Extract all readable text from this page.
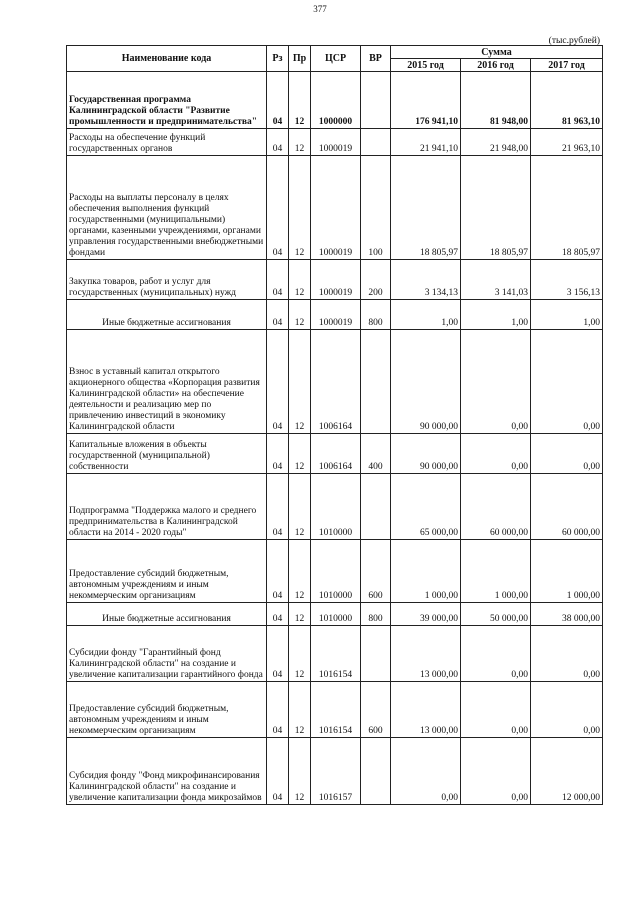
377
(тыс.рублей)
Наименование кода	Рз	Пр	ЦСР	ВР	Сумма		
					2015 год	2016 год	2017 год
Государственная программа Калининградской области "Развитие промышленности и предпринимательства"	04	12	1000000		176 941,10	81 948,00	81 963,10
Расходы на обеспечение функций государственных органов	04	12	1000019		21 941,10	21 948,00	21 963,10
Расходы на выплаты персоналу в целях обеспечения выполнения функций государственными (муниципальными) органами, казенными учреждениями, органами управления государственными внебюджетными фондами	04	12	1000019	100	18 805,97	18 805,97	18 805,97
Закупка товаров, работ и услуг для государственных (муниципальных) нужд	04	12	1000019	200	3 134,13	3 141,03	3 156,13
Иные бюджетные ассигнования	04	12	1000019	800	1,00	1,00	1,00
Взнос в уставный капитал открытого акционерного общества «Корпорация развития Калининградской области» на обеспечение деятельности и реализацию мер по привлечению инвестиций в экономику Калининградской области	04	12	1006164		90 000,00	0,00	0,00
Капитальные вложения в объекты государственной (муниципальной) собственности	04	12	1006164	400	90 000,00	0,00	0,00
Подпрограмма "Поддержка малого и среднего предпринимательства в Калининградской области на 2014 - 2020 годы"	04	12	1010000		65 000,00	60 000,00	60 000,00
Предоставление субсидий бюджетным, автономным учреждениям и иным некоммерческим организациям	04	12	1010000	600	1 000,00	1 000,00	1 000,00
Иные бюджетные ассигнования	04	12	1010000	800	39 000,00	50 000,00	38 000,00
Субсидии фонду "Гарантийный фонд Калининградской области" на создание и увеличение капитализации гарантийного фонда	04	12	1016154		13 000,00	0,00	0,00
Предоставление субсидий бюджетным, автономным учреждениям и иным некоммерческим организациям	04	12	1016154	600	13 000,00	0,00	0,00
Субсидия фонду "Фонд микрофинансирования Калининградской области" на создание и увеличение капитализации фонда микрозаймов	04	12	1016157		0,00	0,00	12 000,00
